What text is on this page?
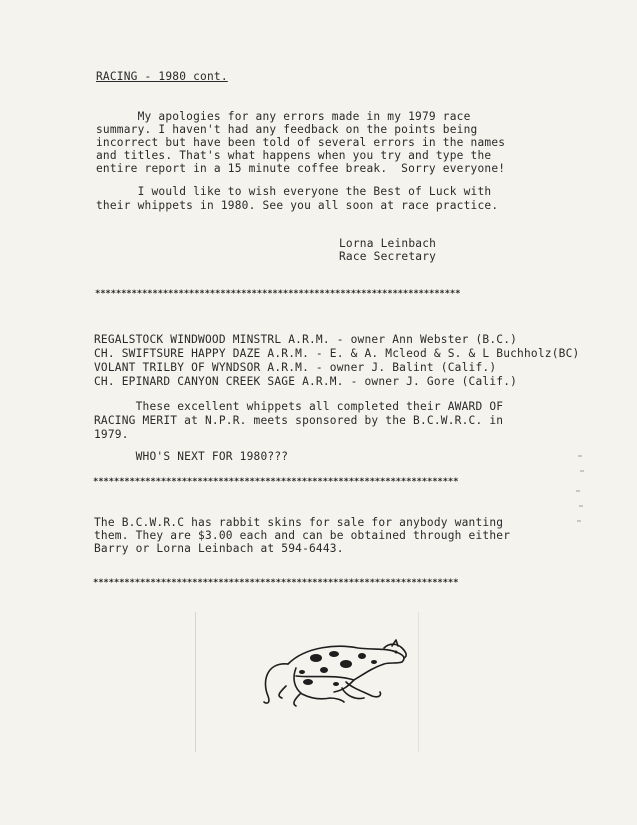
RACING - 1980 cont.
My apologies for any errors made in my 1979 race
summary. I haven't had any feedback on the points being
incorrect but have been told of several errors in the names
and titles. That's what happens when you try and type the
entire report in a 15 minute coffee break.  Sorry everyone!
I would like to wish everyone the Best of Luck with
their whippets in 1980. See you all soon at race practice.
Lorna Leinbach
Race Secretary
**********************************************************************
REGALSTOCK WINDWOOD MINSTRL A.R.M. - owner Ann Webster (B.C.)
CH. SWIFTSURE HAPPY DAZE A.R.M. - E. & A. Mcleod & S. & L Buchholz(BC)
VOLANT TRILBY OF WYNDSOR A.R.M. - owner J. Balint (Calif.)
CH. EPINARD CANYON CREEK SAGE A.R.M. - owner J. Gore (Calif.)
These excellent whippets all completed their AWARD OF
RACING MERIT at N.P.R. meets sponsored by the B.C.W.R.C. in
1979.
WHO'S NEXT FOR 1980???
**********************************************************************
The B.C.W.R.C has rabbit skins for sale for anybody wanting
them. They are $3.00 each and can be obtained through either
Barry or Lorna Leinbach at 594-6443.
**********************************************************************
